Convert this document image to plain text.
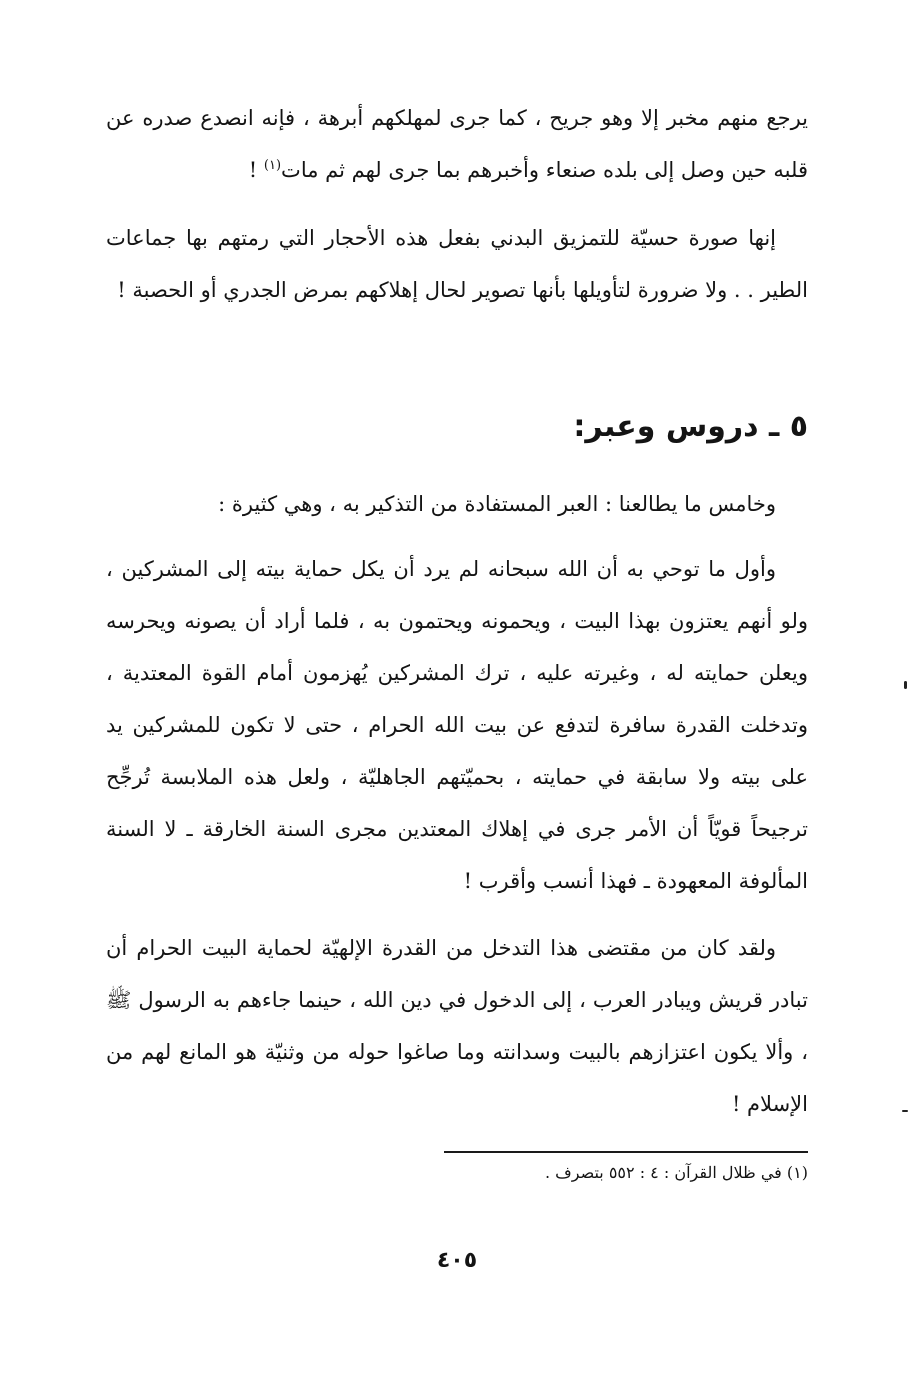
يرجع منهم مخبر إلا وهو جريح ، كما جرى لمهلكهم أبرهة ، فإنه انصدع صدره عن قلبه حين وصل إلى بلده صنعاء وأخبرهم بما جرى لهم ثم مات$^{(١)}$ !

إنها صورة حسيّة للتمزيق البدني بفعل هذه الأحجار التي رمتهم بها جماعات الطير . . ولا ضرورة لتأويلها بأنها تصوير لحال إهلاكهم بمرض الجدري أو الحصبة !

٥ ـ دروس وعبر:

وخامس ما يطالعنا : العبر المستفادة من التذكير به ، وهي كثيرة :

وأول ما توحي به أن الله سبحانه لم يرد أن يكل حماية بيته إلى المشركين ، ولو أنهم يعتزون بهذا البيت ، ويحمونه ويحتمون به ، فلما أراد أن يصونه ويحرسه ويعلن حمايته له ، وغيرته عليه ، ترك المشركين يُهزمون أمام القوة المعتدية ، وتدخلت القدرة سافرة لتدفع عن بيت الله الحرام ، حتى لا تكون للمشركين يد على بيته ولا سابقة في حمايته ، بحميّتهم الجاهليّة ، ولعل هذه الملابسة تُرجِّح ترجيحاً قويّاً أن الأمر جرى في إهلاك المعتدين مجرى السنة الخارقة ـ لا السنة المألوفة المعهودة ـ فهذا أنسب وأقرب !

ولقد كان من مقتضى هذا التدخل من القدرة الإلهيّة لحماية البيت الحرام أن تبادر قريش ويبادر العرب ، إلى الدخول في دين الله ، حينما جاءهم به الرسول ﷺ ، وألا يكون اعتزازهم بالبيت وسدانته وما صاغوا حوله من وثنيّة هو المانع لهم من الإسلام !

(١) في ظلال القرآن : ٤ : ٥٥٢ بتصرف .

٤٠٥
